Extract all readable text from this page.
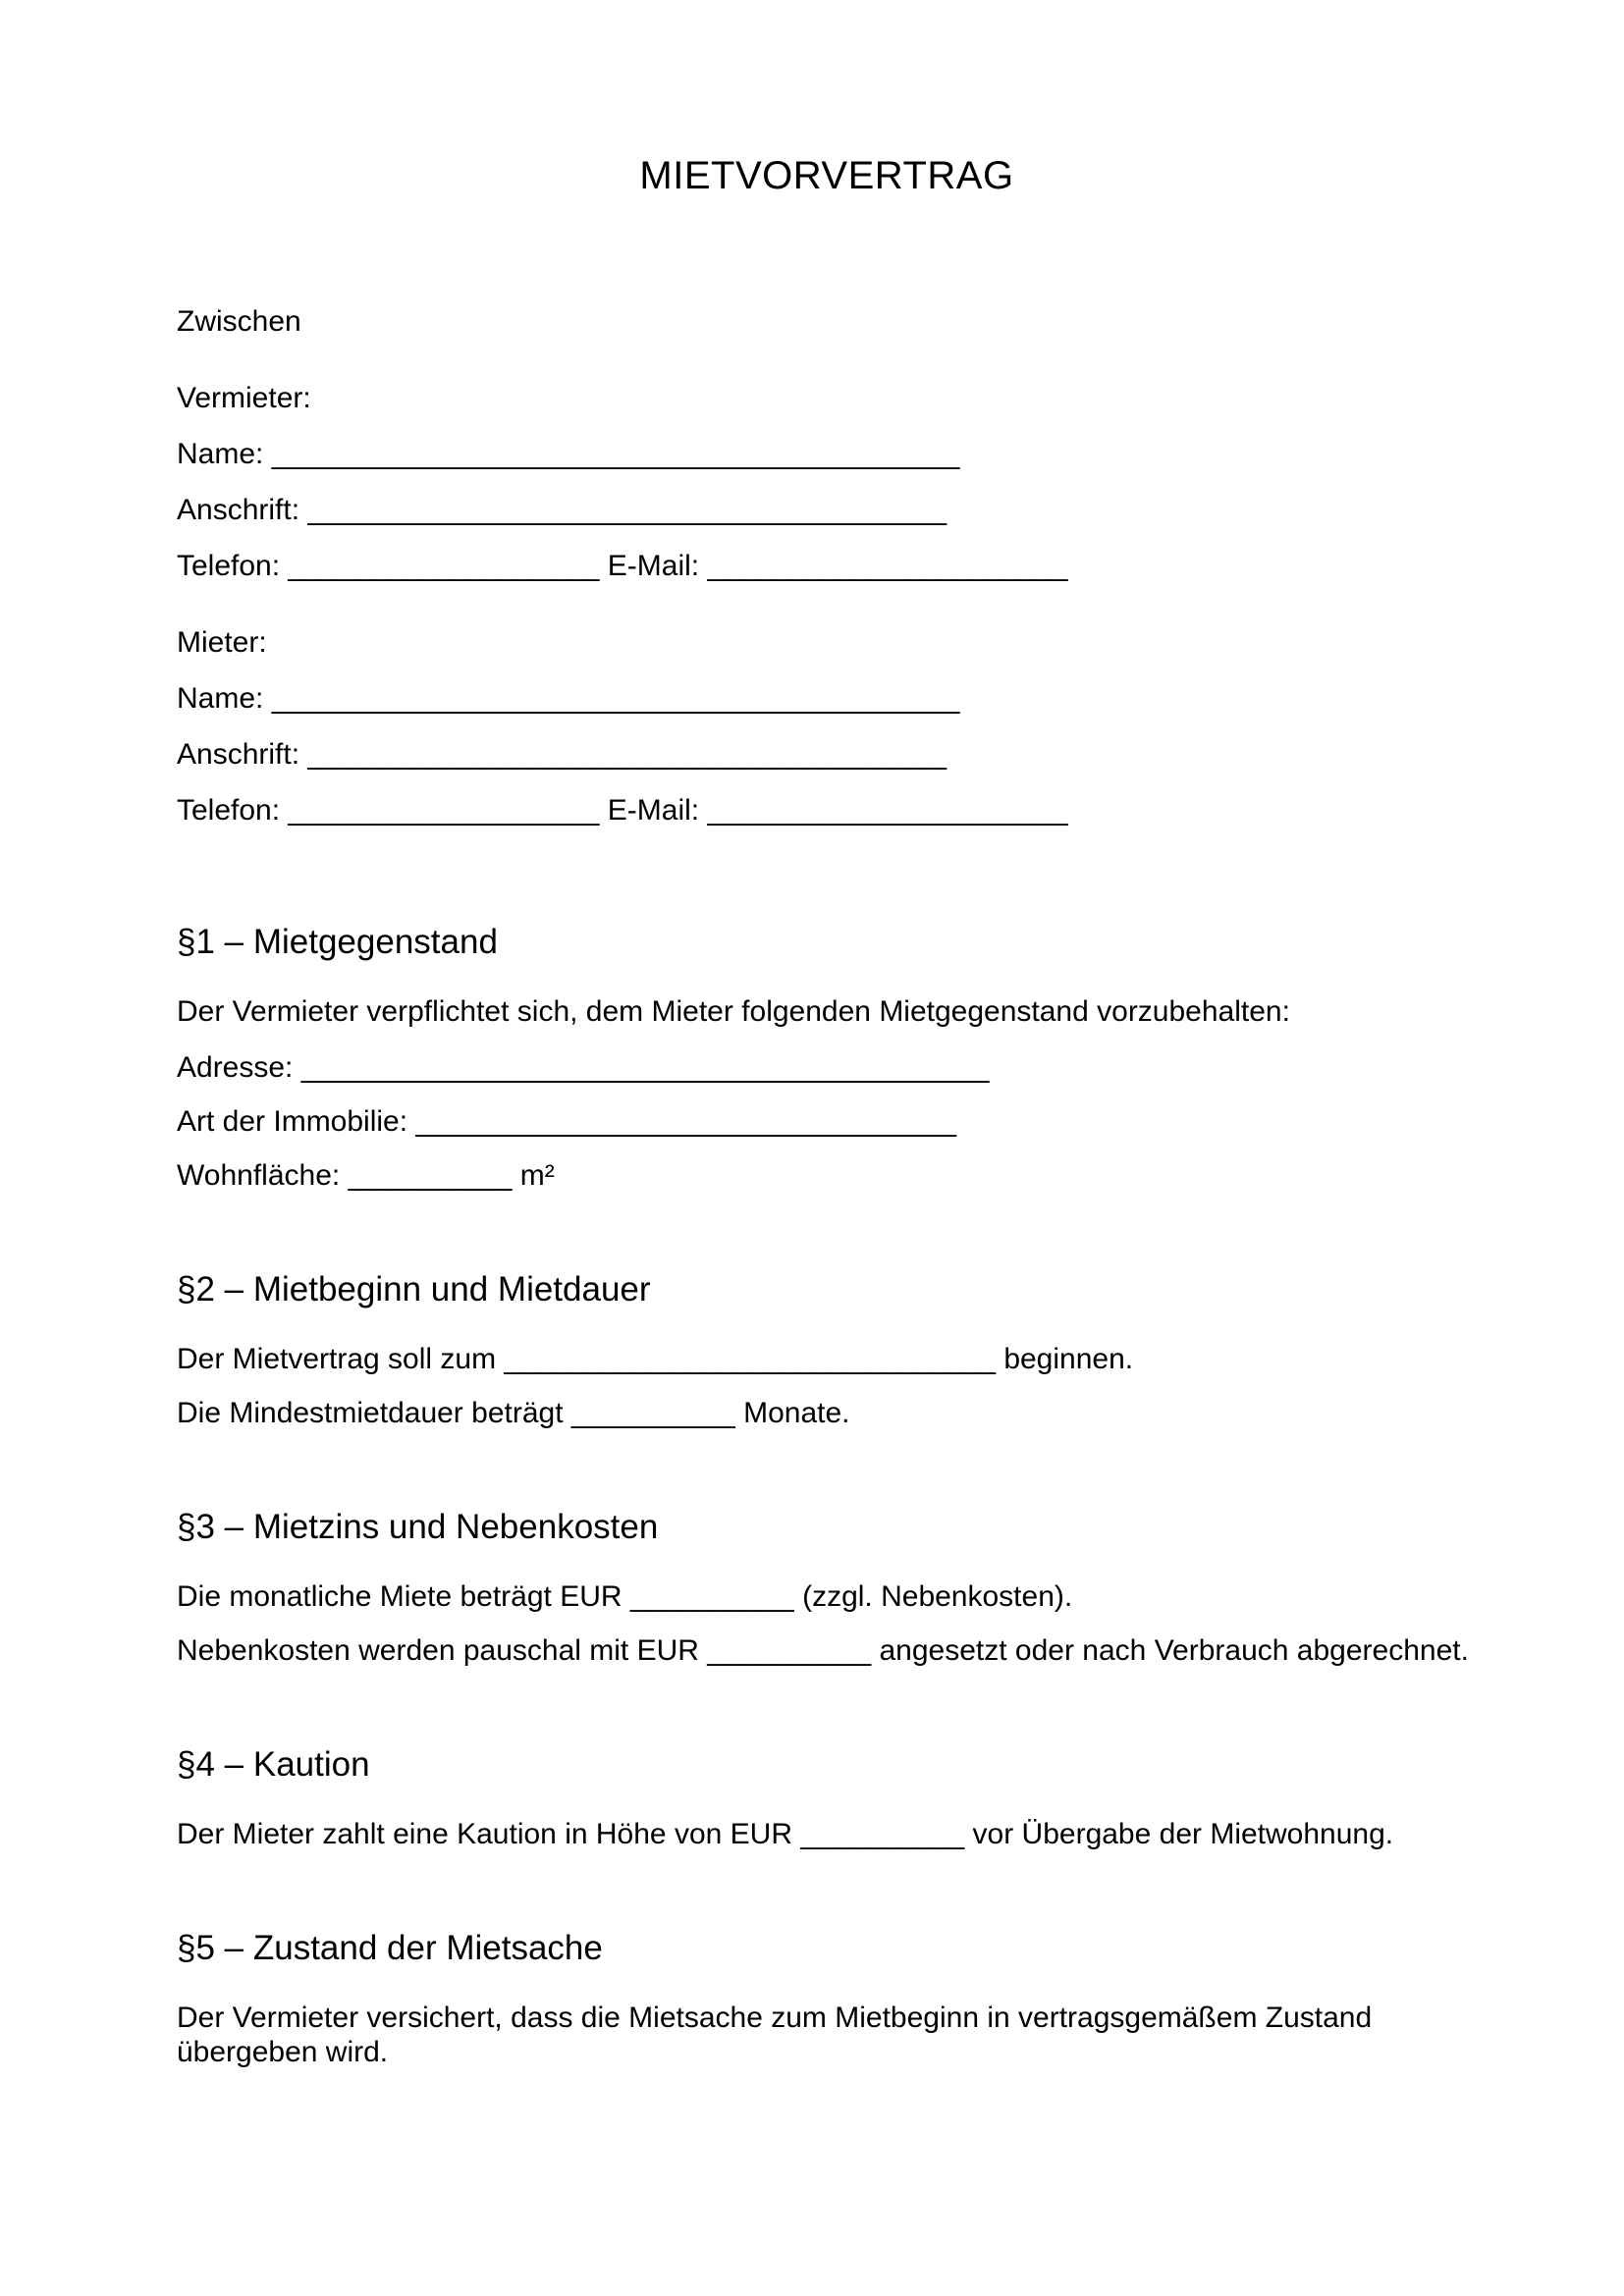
MIETVORVERTRAG

Zwischen

Vermieter:

Name: __________________________________________

Anschrift: _______________________________________

Telefon: ___________________ E-Mail: ______________________

Mieter:

Name: __________________________________________

Anschrift: _______________________________________

Telefon: ___________________ E-Mail: ______________________

§1 – Mietgegenstand

Der Vermieter verpflichtet sich, dem Mieter folgenden Mietgegenstand vorzubehalten:

Adresse: __________________________________________

Art der Immobilie: _________________________________

Wohnfläche: __________ m²

§2 – Mietbeginn und Mietdauer

Der Mietvertrag soll zum ______________________________ beginnen.

Die Mindestmietdauer beträgt __________ Monate.

§3 – Mietzins und Nebenkosten

Die monatliche Miete beträgt EUR __________ (zzgl. Nebenkosten).

Nebenkosten werden pauschal mit EUR __________ angesetzt oder nach Verbrauch abgerechnet.

§4 – Kaution

Der Mieter zahlt eine Kaution in Höhe von EUR __________ vor Übergabe der Mietwohnung.

§5 – Zustand der Mietsache

Der Vermieter versichert, dass die Mietsache zum Mietbeginn in vertragsgemäßem Zustand übergeben wird.
